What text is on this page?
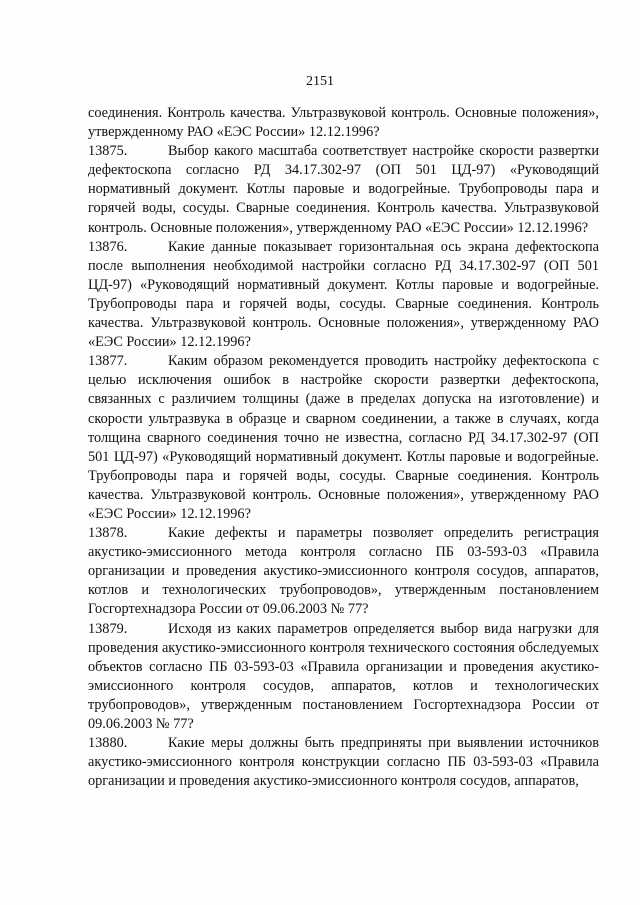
2151

соединения. Контроль качества. Ультразвуковой контроль. Основные положения», утвержденному РАО «ЕЭС России» 12.12.1996?

13875.	Выбор какого масштаба соответствует настройке скорости развертки дефектоскопа согласно РД 34.17.302-97 (ОП 501 ЦД-97) «Руководящий нормативный документ. Котлы паровые и водогрейные. Трубопроводы пара и горячей воды, сосуды. Сварные соединения. Контроль качества. Ультразвуковой контроль. Основные положения», утвержденному РАО «ЕЭС России» 12.12.1996?

13876.	Какие данные показывает горизонтальная ось экрана дефектоскопа после выполнения необходимой настройки согласно РД 34.17.302-97 (ОП 501 ЦД-97) «Руководящий нормативный документ. Котлы паровые и водогрейные. Трубопроводы пара и горячей воды, сосуды. Сварные соединения. Контроль качества. Ультразвуковой контроль. Основные положения», утвержденному РАО «ЕЭС России» 12.12.1996?

13877.	Каким образом рекомендуется проводить настройку дефектоскопа с целью исключения ошибок в настройке скорости развертки дефектоскопа, связанных с различием толщины (даже в пределах допуска на изготовление) и скорости ультразвука в образце и сварном соединении, а также в случаях, когда толщина сварного соединения точно не известна, согласно РД 34.17.302-97 (ОП 501 ЦД-97) «Руководящий нормативный документ. Котлы паровые и водогрейные. Трубопроводы пара и горячей воды, сосуды. Сварные соединения. Контроль качества. Ультразвуковой контроль. Основные положения», утвержденному РАО «ЕЭС России» 12.12.1996?

13878.	Какие дефекты и параметры позволяет определить регистрация акустико-эмиссионного метода контроля согласно ПБ 03-593-03 «Правила организации и проведения акустико-эмиссионного контроля сосудов, аппаратов, котлов и технологических трубопроводов», утвержденным постановлением Госгортехнадзора России от 09.06.2003 № 77?

13879.	Исходя из каких параметров определяется выбор вида нагрузки для проведения акустико-эмиссионного контроля технического состояния обследуемых объектов согласно ПБ 03-593-03 «Правила организации и проведения акустико-эмиссионного контроля сосудов, аппаратов, котлов и технологических трубопроводов», утвержденным постановлением Госгортехнадзора России от 09.06.2003 № 77?

13880.	Какие меры должны быть предприняты при выявлении источников акустико-эмиссионного контроля конструкции согласно ПБ 03-593-03 «Правила организации и проведения акустико-эмиссионного контроля сосудов, аппаратов,
